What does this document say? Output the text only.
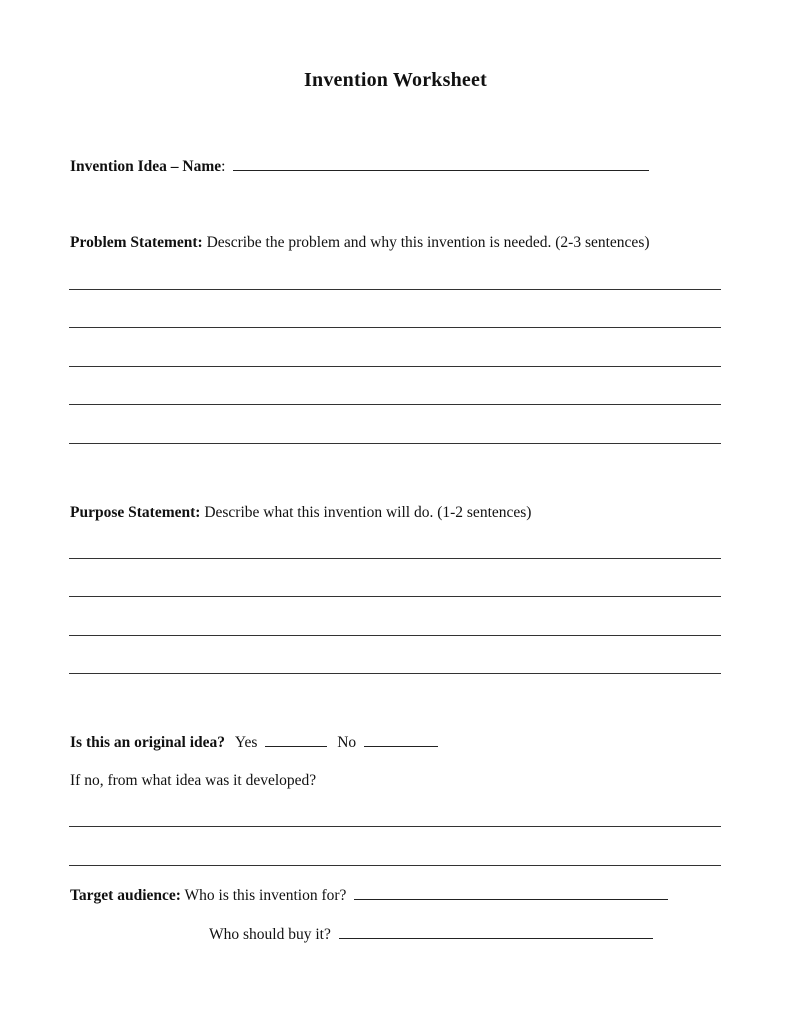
Invention Worksheet
Invention Idea – Name:
Problem Statement: Describe the problem and why this invention is needed. (2-3 sentences)
Purpose Statement: Describe what this invention will do. (1-2 sentences)
Is this an original idea? Yes	No
If no, from what idea was it developed?
Target audience: Who is this invention for?
Who should buy it?
